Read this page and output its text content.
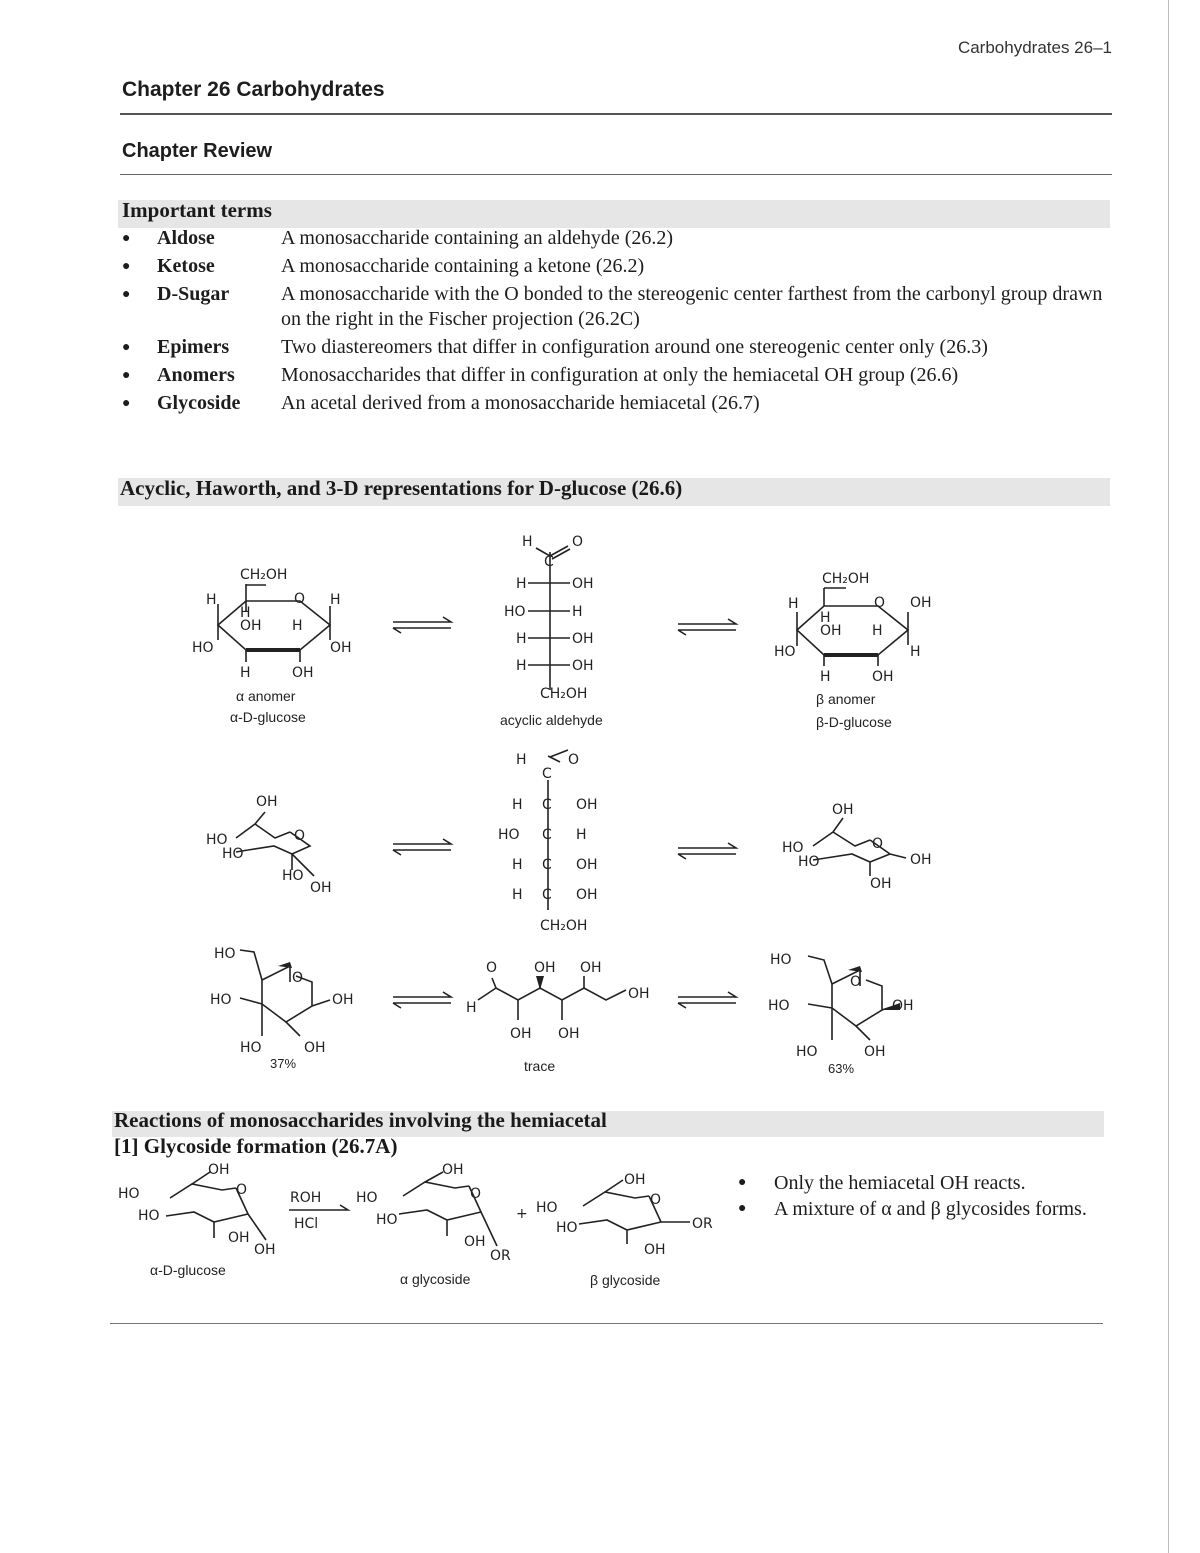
Carbohydrates 26–1
Chapter 26 Carbohydrates
Chapter Review
Important terms
●	Aldose	A monosaccharide containing an aldehyde (26.2)
●	Ketose	A monosaccharide containing a ketone (26.2)
●	D-Sugar	A monosaccharide with the O bonded to the stereogenic center farthest from the carbonyl group drawn on the right in the Fischer projection (26.2C)
●	Epimers	Two diastereomers that differ in configuration around one stereogenic center only (26.3)
●	Anomers	Monosaccharides that differ in configuration at only the hemiacetal OH group (26.6)
●	Glycoside	An acetal derived from a monosaccharide hemiacetal (26.7)
Acyclic, Haworth, and 3-D representations for D-glucose (26.6)
CH₂OH
O
H	H
H
OH H
HO	OH
H	OH
H
C
O
H	OH
HO	H
H	OH
H	OH
CH₂OH
CH₂OH
O OH
H
H
OH H
HO	H
H	OH
OH
HO
HO
O
HO
OH
H	O
C
H C OH
HO C H
H C OH
H C OH
CH₂OH
OH
HO
HO
O
OH
OH
HO
O
HO	OH
HO	OH
O	OH OH
H
OH
OH OH
HO
O
HO	OH
HO	OH
OH
HO	O
HO
OH
OH
ROH
HCl
OH
HO	O
HO
OH
OR
+
OH
HO	O
HO	OR
OH
α anomer
α-D-glucose	acyclic aldehyde
β anomer
β-D-glucose
37%	trace	63%
Reactions of monosaccharides involving the hemiacetal
[1] Glycoside formation (26.7A)
α-D-glucose
α glycoside	β glycoside
●	Only the hemiacetal OH reacts.
●	A mixture of α and β glycosides forms.
